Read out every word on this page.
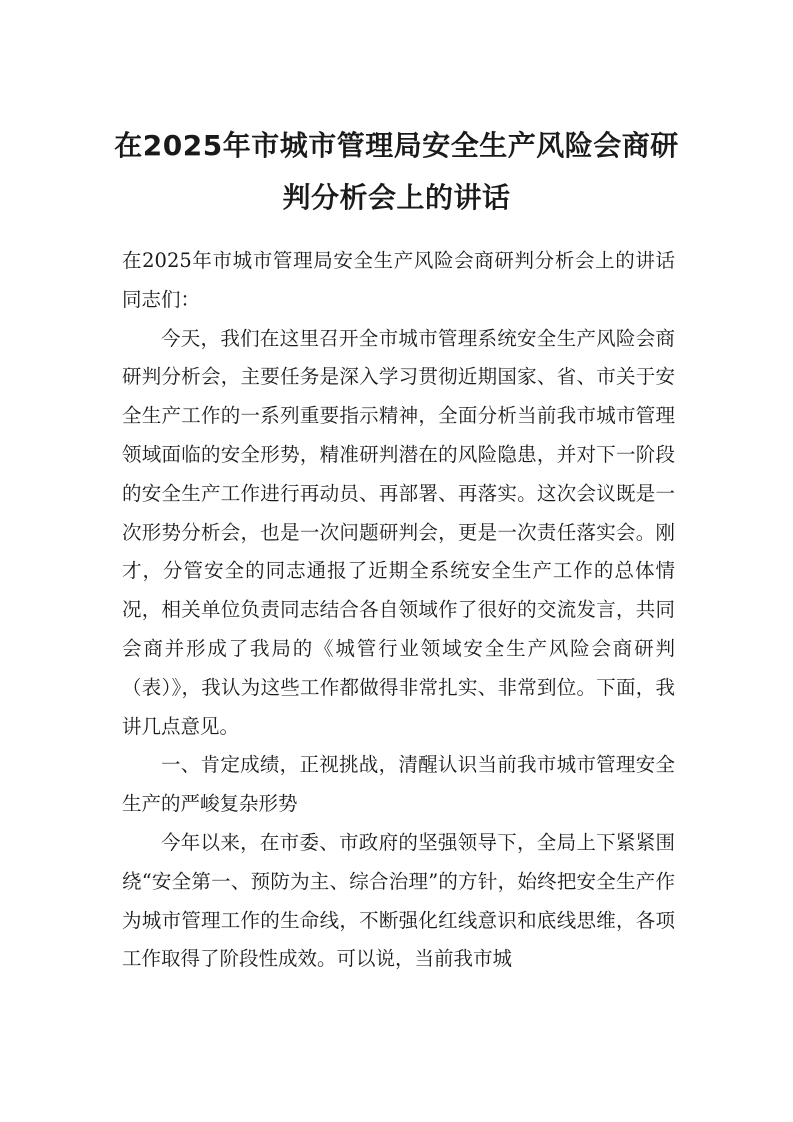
在2025年市城市管理局安全生产风险会商研判分析会上的讲话

在2025年市城市管理局安全生产风险会商研判分析会上的讲话同志们：

今天，我们在这里召开全市城市管理系统安全生产风险会商研判分析会，主要任务是深入学习贯彻近期国家、省、市关于安全生产工作的一系列重要指示精神，全面分析当前我市城市管理领域面临的安全形势，精准研判潜在的风险隐患，并对下一阶段的安全生产工作进行再动员、再部署、再落实。这次会议既是一次形势分析会，也是一次问题研判会，更是一次责任落实会。刚才，分管安全的同志通报了近期全系统安全生产工作的总体情况，相关单位负责同志结合各自领域作了很好的交流发言，共同会商并形成了我局的《城管行业领域安全生产风险会商研判（表）》，我认为这些工作都做得非常扎实、非常到位。下面，我讲几点意见。

一、肯定成绩，正视挑战，清醒认识当前我市城市管理安全生产的严峻复杂形势

今年以来，在市委、市政府的坚强领导下，全局上下紧紧围绕“安全第一、预防为主、综合治理”的方针，始终把安全生产作为城市管理工作的生命线，不断强化红线意识和底线思维，各项工作取得了阶段性成效。可以说，当前我市城
